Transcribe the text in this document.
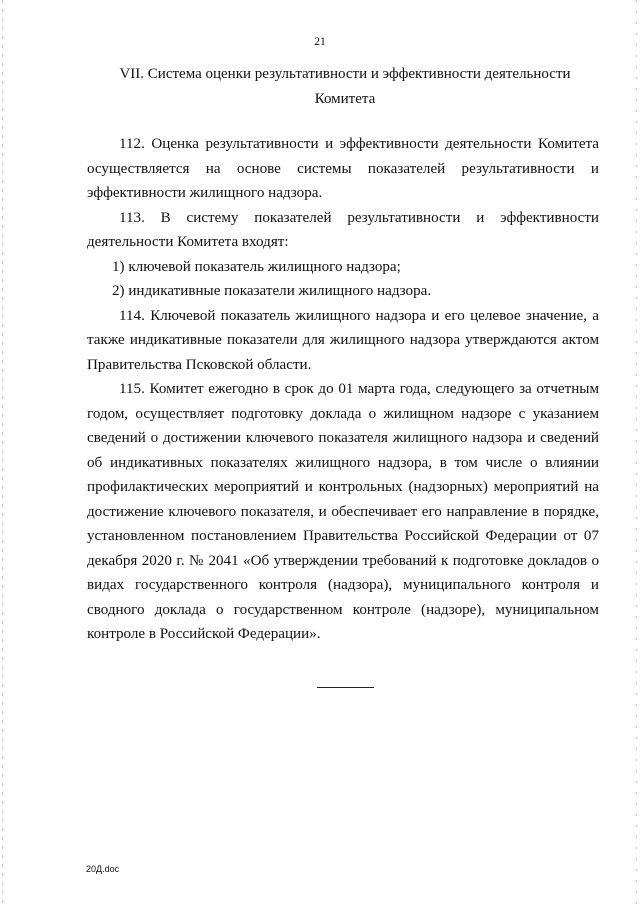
21
VII. Система оценки результативности и эффективности деятельности
Комитета

112. Оценка результативности и эффективности деятельности Комитета осуществляется на основе системы показателей результативности и эффективности жилищного надзора.

113. В систему показателей результативности и эффективности деятельности Комитета входят:

1) ключевой показатель жилищного надзора;

2) индикативные показатели жилищного надзора.

114. Ключевой показатель жилищного надзора и его целевое значение, а также индикативные показатели для жилищного надзора утверждаются актом Правительства Псковской области.

115. Комитет ежегодно в срок до 01 марта года, следующего за отчетным годом, осуществляет подготовку доклада о жилищном надзоре с указанием сведений о достижении ключевого показателя жилищного надзора и сведений об индикативных показателях жилищного надзора, в том числе о влиянии профилактических мероприятий и контрольных (надзорных) мероприятий на достижение ключевого показателя, и обеспечивает его направление в порядке, установленном постановлением Правительства Российской Федерации от 07 декабря 2020 г. № 2041 «Об утверждении требований к подготовке докладов о видах государственного контроля (надзора), муниципального контроля и сводного доклада о государственном контроле (надзоре), муниципальном контроле в Российской Федерации».

20Д.doc
